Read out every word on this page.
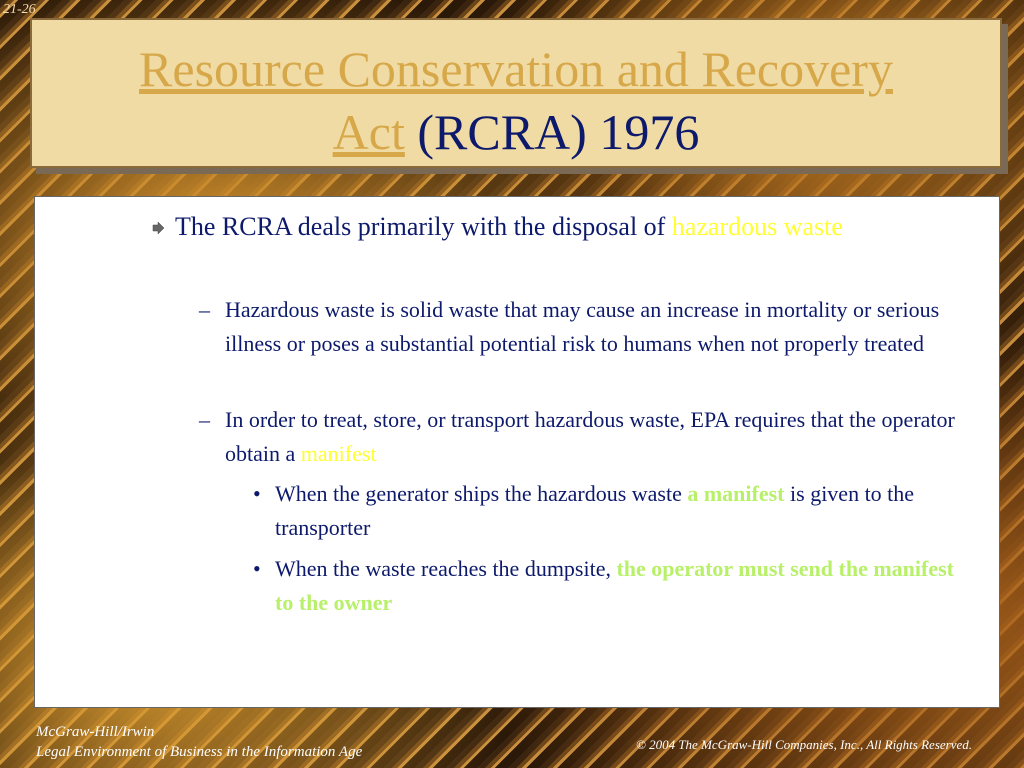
21-26
Resource Conservation and Recovery
Act (RCRA) 1976
The RCRA deals primarily with the disposal of hazardous waste
– Hazardous waste is solid waste that may cause an increase in mortality or serious illness or poses a substantial potential risk to humans when not properly treated
– In order to treat, store, or transport hazardous waste, EPA requires that the operator obtain a manifest
• When the generator ships the hazardous waste a manifest is given to the transporter
• When the waste reaches the dumpsite, the operator must send the manifest to the owner
McGraw-Hill/Irwin
Legal Environment of Business in the Information Age	© 2004 The McGraw-Hill Companies, Inc., All Rights Reserved.
